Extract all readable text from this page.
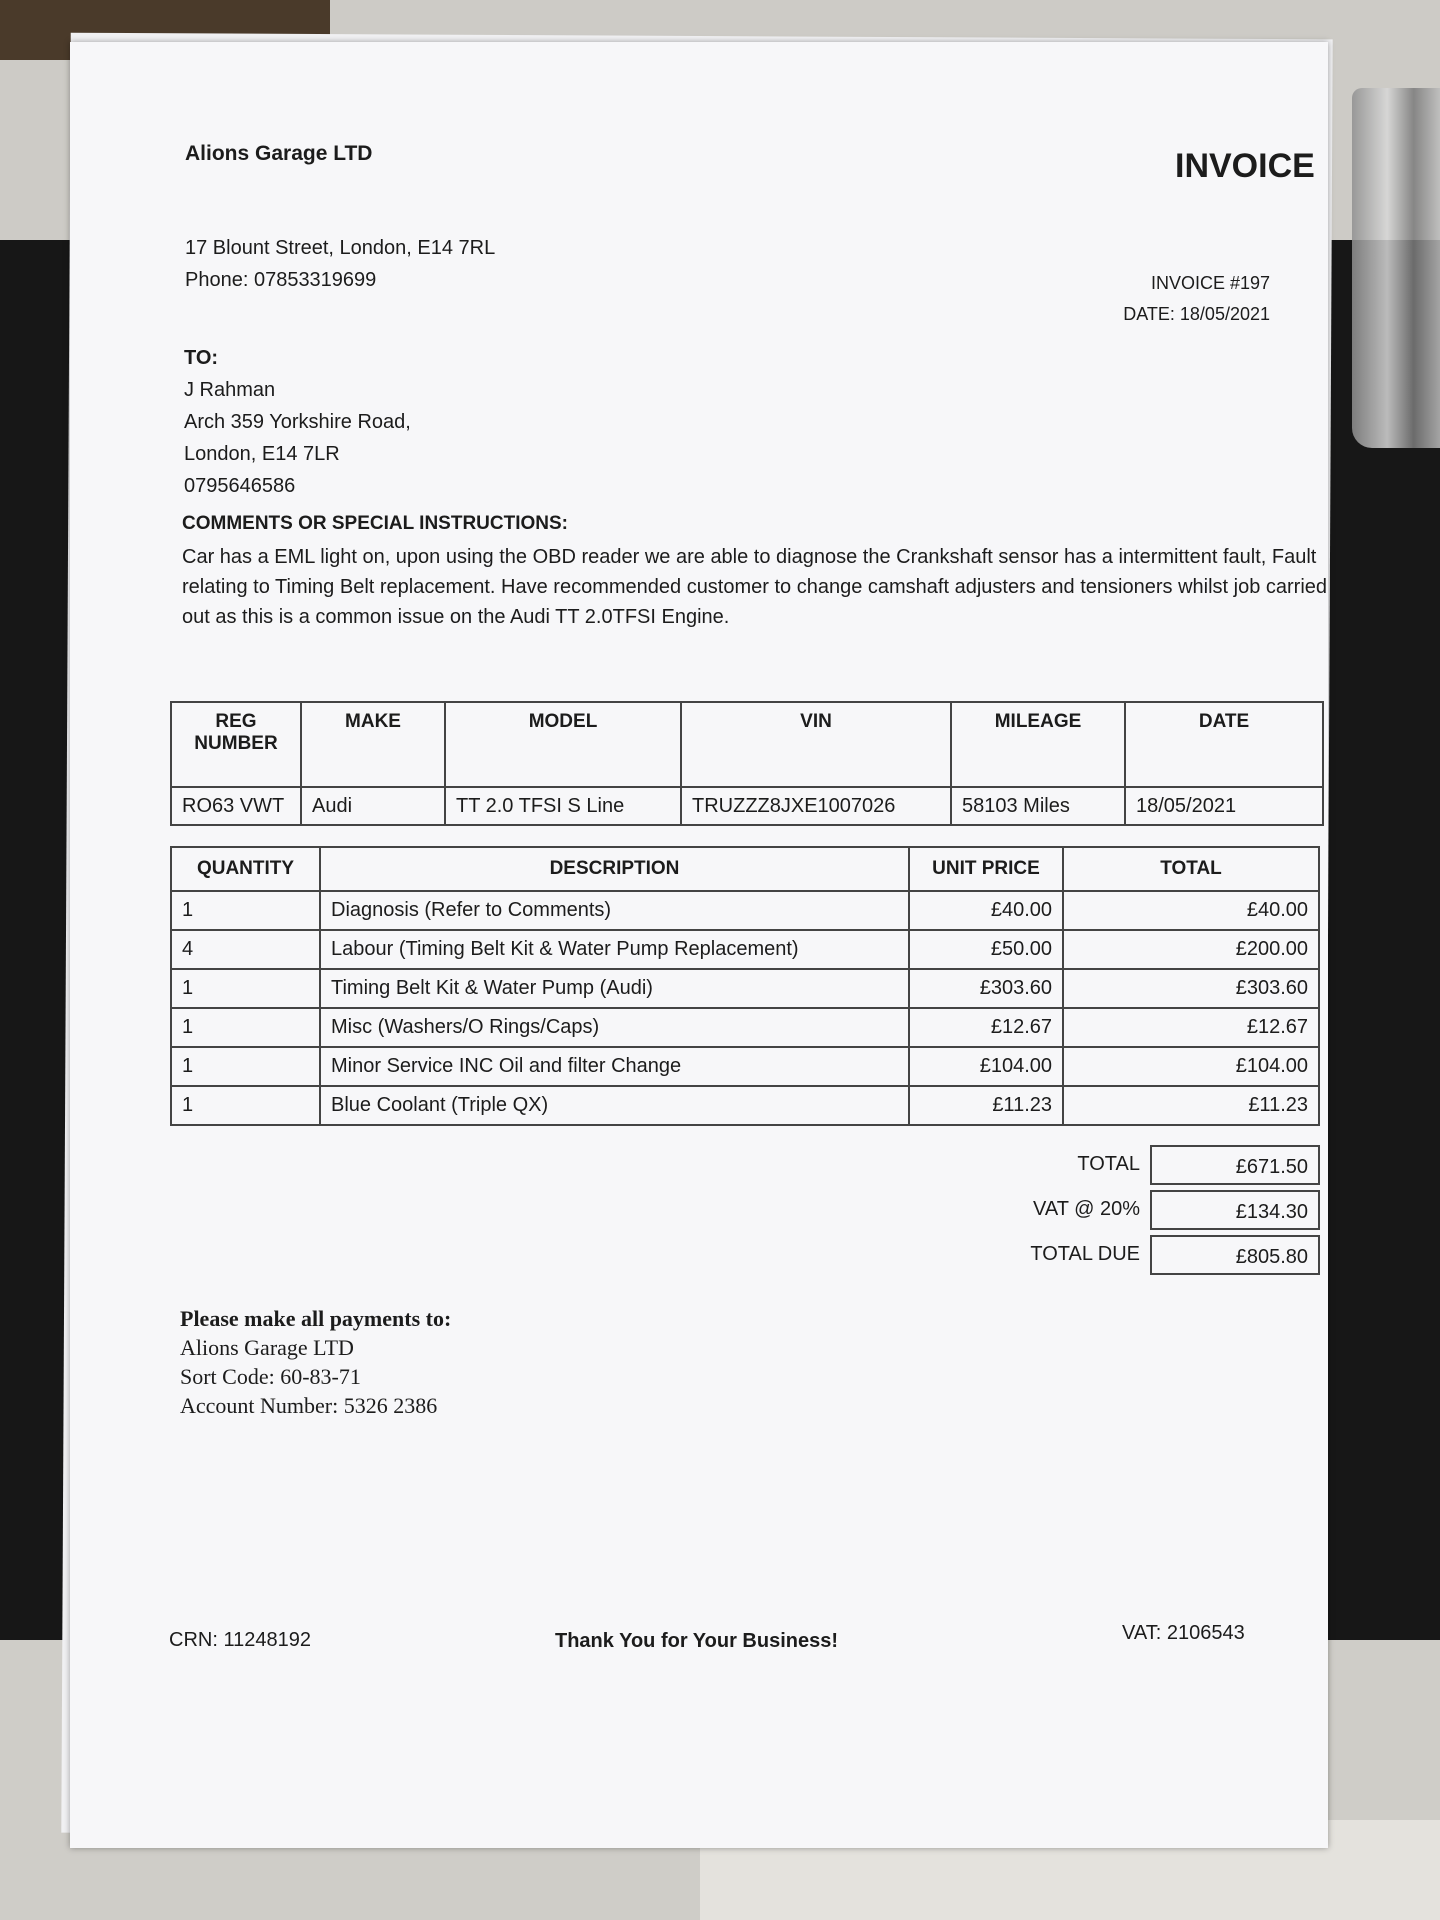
Alions Garage LTD	INVOICE
17 Blount Street, London, E14 7RL
Phone: 07853319699	INVOICE #197
DATE: 18/05/2021
TO:
J Rahman
Arch 359 Yorkshire Road,
London, E14 7LR
0795646586
COMMENTS OR SPECIAL INSTRUCTIONS:
Car has a EML light on, upon using the OBD reader we are able to diagnose the Crankshaft sensor has a intermittent fault, Fault relating to Timing Belt replacement. Have recommended customer to change camshaft adjusters and tensioners whilst job carried out as this is a common issue on the Audi TT 2.0TFSI Engine.
REG NUMBER	MAKE	MODEL	VIN	MILEAGE	DATE
RO63 VWT	Audi	TT 2.0 TFSI S Line	TRUZZZ8JXE1007026	58103 Miles	18/05/2021
QUANTITY	DESCRIPTION	UNIT PRICE	TOTAL
1	Diagnosis (Refer to Comments)	£40.00	£40.00
4	Labour (Timing Belt Kit & Water Pump Replacement)	£50.00	£200.00
1	Timing Belt Kit & Water Pump (Audi)	£303.60	£303.60
1	Misc (Washers/O Rings/Caps)	£12.67	£12.67
1	Minor Service INC Oil and filter Change	£104.00	£104.00
1	Blue Coolant (Triple QX)	£11.23	£11.23
TOTAL	£671.50
VAT @ 20%	£134.30
TOTAL DUE	£805.80
Please make all payments to:
Alions Garage LTD
Sort Code: 60-83-71
Account Number: 5326 2386
CRN: 11248192	Thank You for Your Business!	VAT: 2106543
